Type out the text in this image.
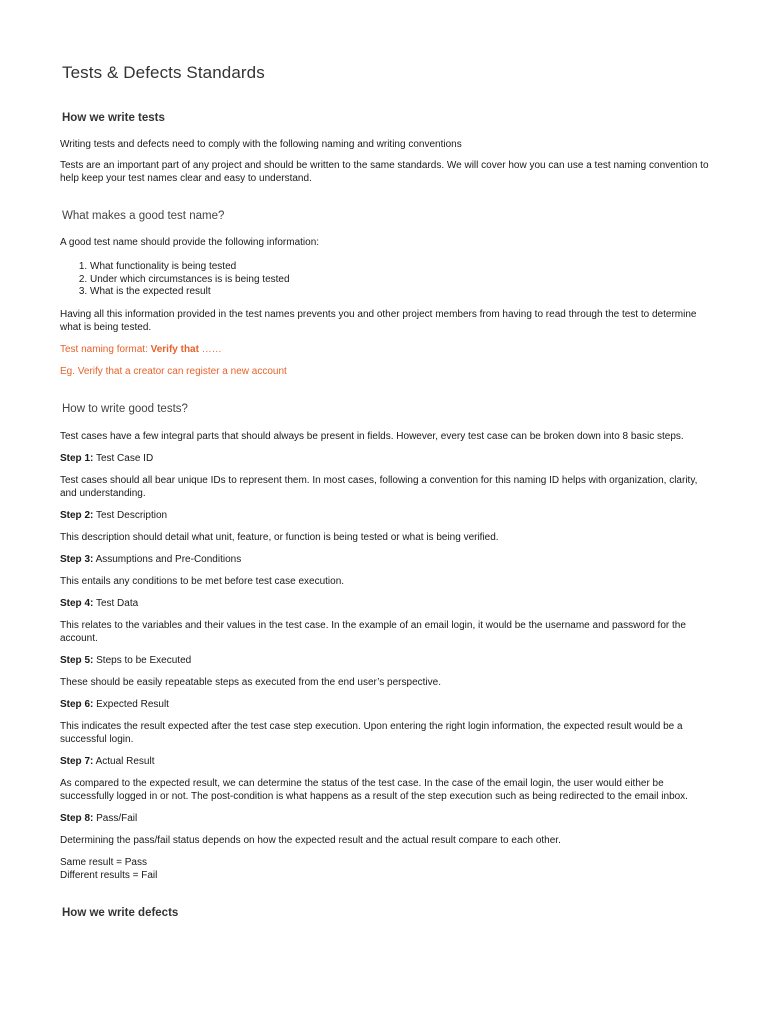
Tests & Defects Standards
How we write tests

Writing tests and defects need to comply with the following naming and writing conventions

Tests are an important part of any project and should be written to the same standards. We will cover how you can use a test naming convention to help keep your test names clear and easy to understand.

What makes a good test name?

A good test name should provide the following information:

1. What functionality is being tested
2. Under which circumstances is is being tested
3. What is the expected result

Having all this information provided in the test names prevents you and other project members from having to read through the test to determine what is being tested.

Test naming format: Verify that ……

Eg. Verify that a creator can register a new account

How to write good tests?

Test cases have a few integral parts that should always be present in fields. However, every test case can be broken down into 8 basic steps.

Step 1: Test Case ID

Test cases should all bear unique IDs to represent them. In most cases, following a convention for this naming ID helps with organization, clarity, and understanding.

Step 2: Test Description

This description should detail what unit, feature, or function is being tested or what is being verified.

Step 3: Assumptions and Pre-Conditions

This entails any conditions to be met before test case execution.

Step 4: Test Data

This relates to the variables and their values in the test case. In the example of an email login, it would be the username and password for the account.

Step 5: Steps to be Executed

These should be easily repeatable steps as executed from the end user’s perspective.

Step 6: Expected Result

This indicates the result expected after the test case step execution. Upon entering the right login information, the expected result would be a successful login.

Step 7: Actual Result

As compared to the expected result, we can determine the status of the test case. In the case of the email login, the user would either be successfully logged in or not. The post-condition is what happens as a result of the step execution such as being redirected to the email inbox.

Step 8: Pass/Fail

Determining the pass/fail status depends on how the expected result and the actual result compare to each other.

Same result = Pass

Different results = Fail

How we write defects
